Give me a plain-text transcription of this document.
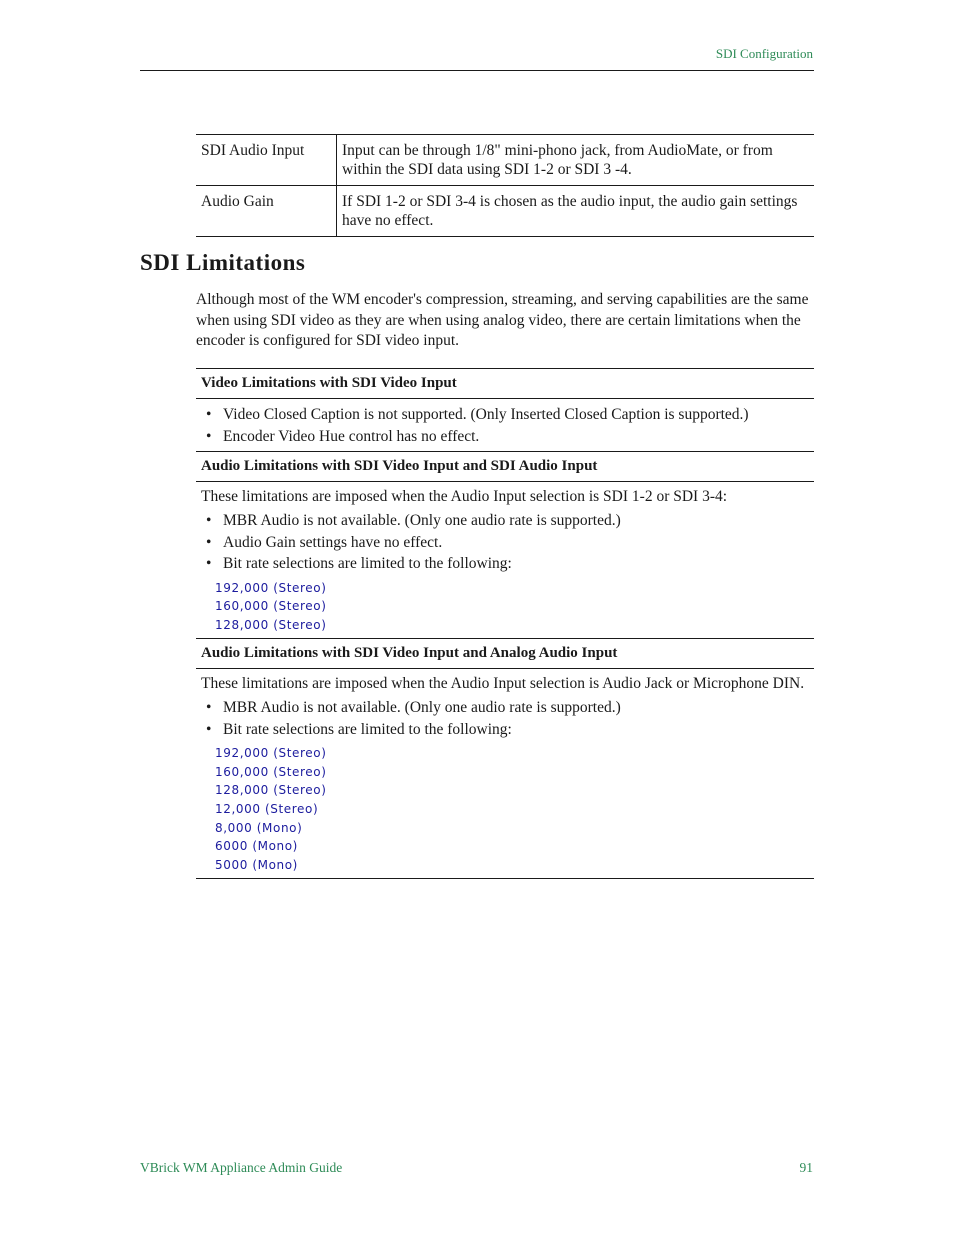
SDI Configuration
SDI Audio Input	Input can be through 1/8" mini-phono jack, from AudioMate, or from within the SDI data using SDI 1-2 or SDI 3 -4.
Audio Gain	If SDI 1-2 or SDI 3-4 is chosen as the audio input, the audio gain settings have no effect.
SDI Limitations
Although most of the WM encoder's compression, streaming, and serving capabilities are the same when using SDI video as they are when using analog video, there are certain limitations when the encoder is configured for SDI video input.
Video Limitations with SDI Video Input
• Video Closed Caption is not supported. (Only Inserted Closed Caption is supported.)
• Encoder Video Hue control has no effect.
Audio Limitations with SDI Video Input and SDI Audio Input

These limitations are imposed when the Audio Input selection is SDI 1-2 or SDI 3-4:

• MBR Audio is not available. (Only one audio rate is supported.)
• Audio Gain settings have no effect.
• Bit rate selections are limited to the following:
192,000 (Stereo)
160,000 (Stereo)
128,000 (Stereo)
Audio Limitations with SDI Video Input and Analog Audio Input

These limitations are imposed when the Audio Input selection is Audio Jack or Microphone DIN.

• MBR Audio is not available. (Only one audio rate is supported.)
• Bit rate selections are limited to the following:
192,000 (Stereo)
160,000 (Stereo)
128,000 (Stereo)
12,000 (Stereo)
8,000 (Mono)
6000 (Mono)
5000 (Mono)
VBrick WM Appliance Admin Guide	91
